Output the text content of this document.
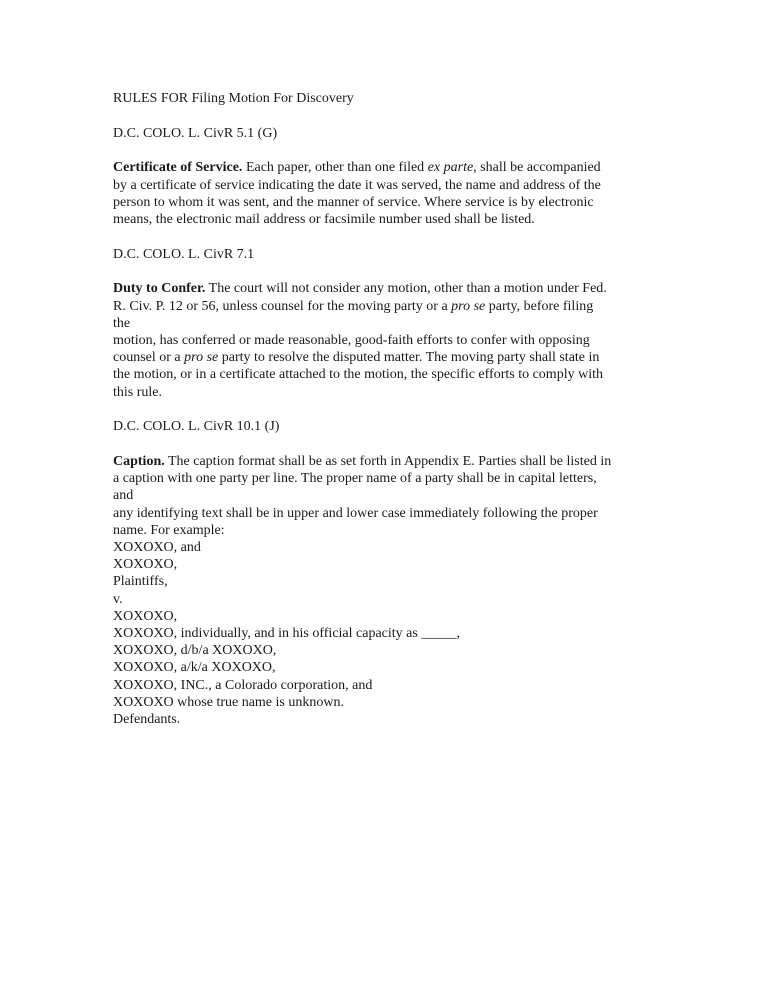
RULES FOR Filing Motion For Discovery
D.C. COLO. L. CivR 5.1 (G)
Certificate of Service. Each paper, other than one filed ex parte, shall be accompanied
by a certificate of service indicating the date it was served, the name and address of the
person to whom it was sent, and the manner of service. Where service is by electronic
means, the electronic mail address or facsimile number used shall be listed.
D.C. COLO. L. CivR 7.1
Duty to Confer. The court will not consider any motion, other than a motion under Fed.
R. Civ. P. 12 or 56, unless counsel for the moving party or a pro se party, before filing
the
motion, has conferred or made reasonable, good-faith efforts to confer with opposing
counsel or a pro se party to resolve the disputed matter. The moving party shall state in
the motion, or in a certificate attached to the motion, the specific efforts to comply with
this rule.
D.C. COLO. L. CivR 10.1 (J)
Caption. The caption format shall be as set forth in Appendix E. Parties shall be listed in
a caption with one party per line. The proper name of a party shall be in capital letters,
and
any identifying text shall be in upper and lower case immediately following the proper
name. For example:
XOXOXO, and
XOXOXO,
Plaintiffs,
v.
XOXOXO,
XOXOXO, individually, and in his official capacity as _____,
XOXOXO, d/b/a XOXOXO,
XOXOXO, a/k/a XOXOXO,
XOXOXO, INC., a Colorado corporation, and
XOXOXO whose true name is unknown.
Defendants.
